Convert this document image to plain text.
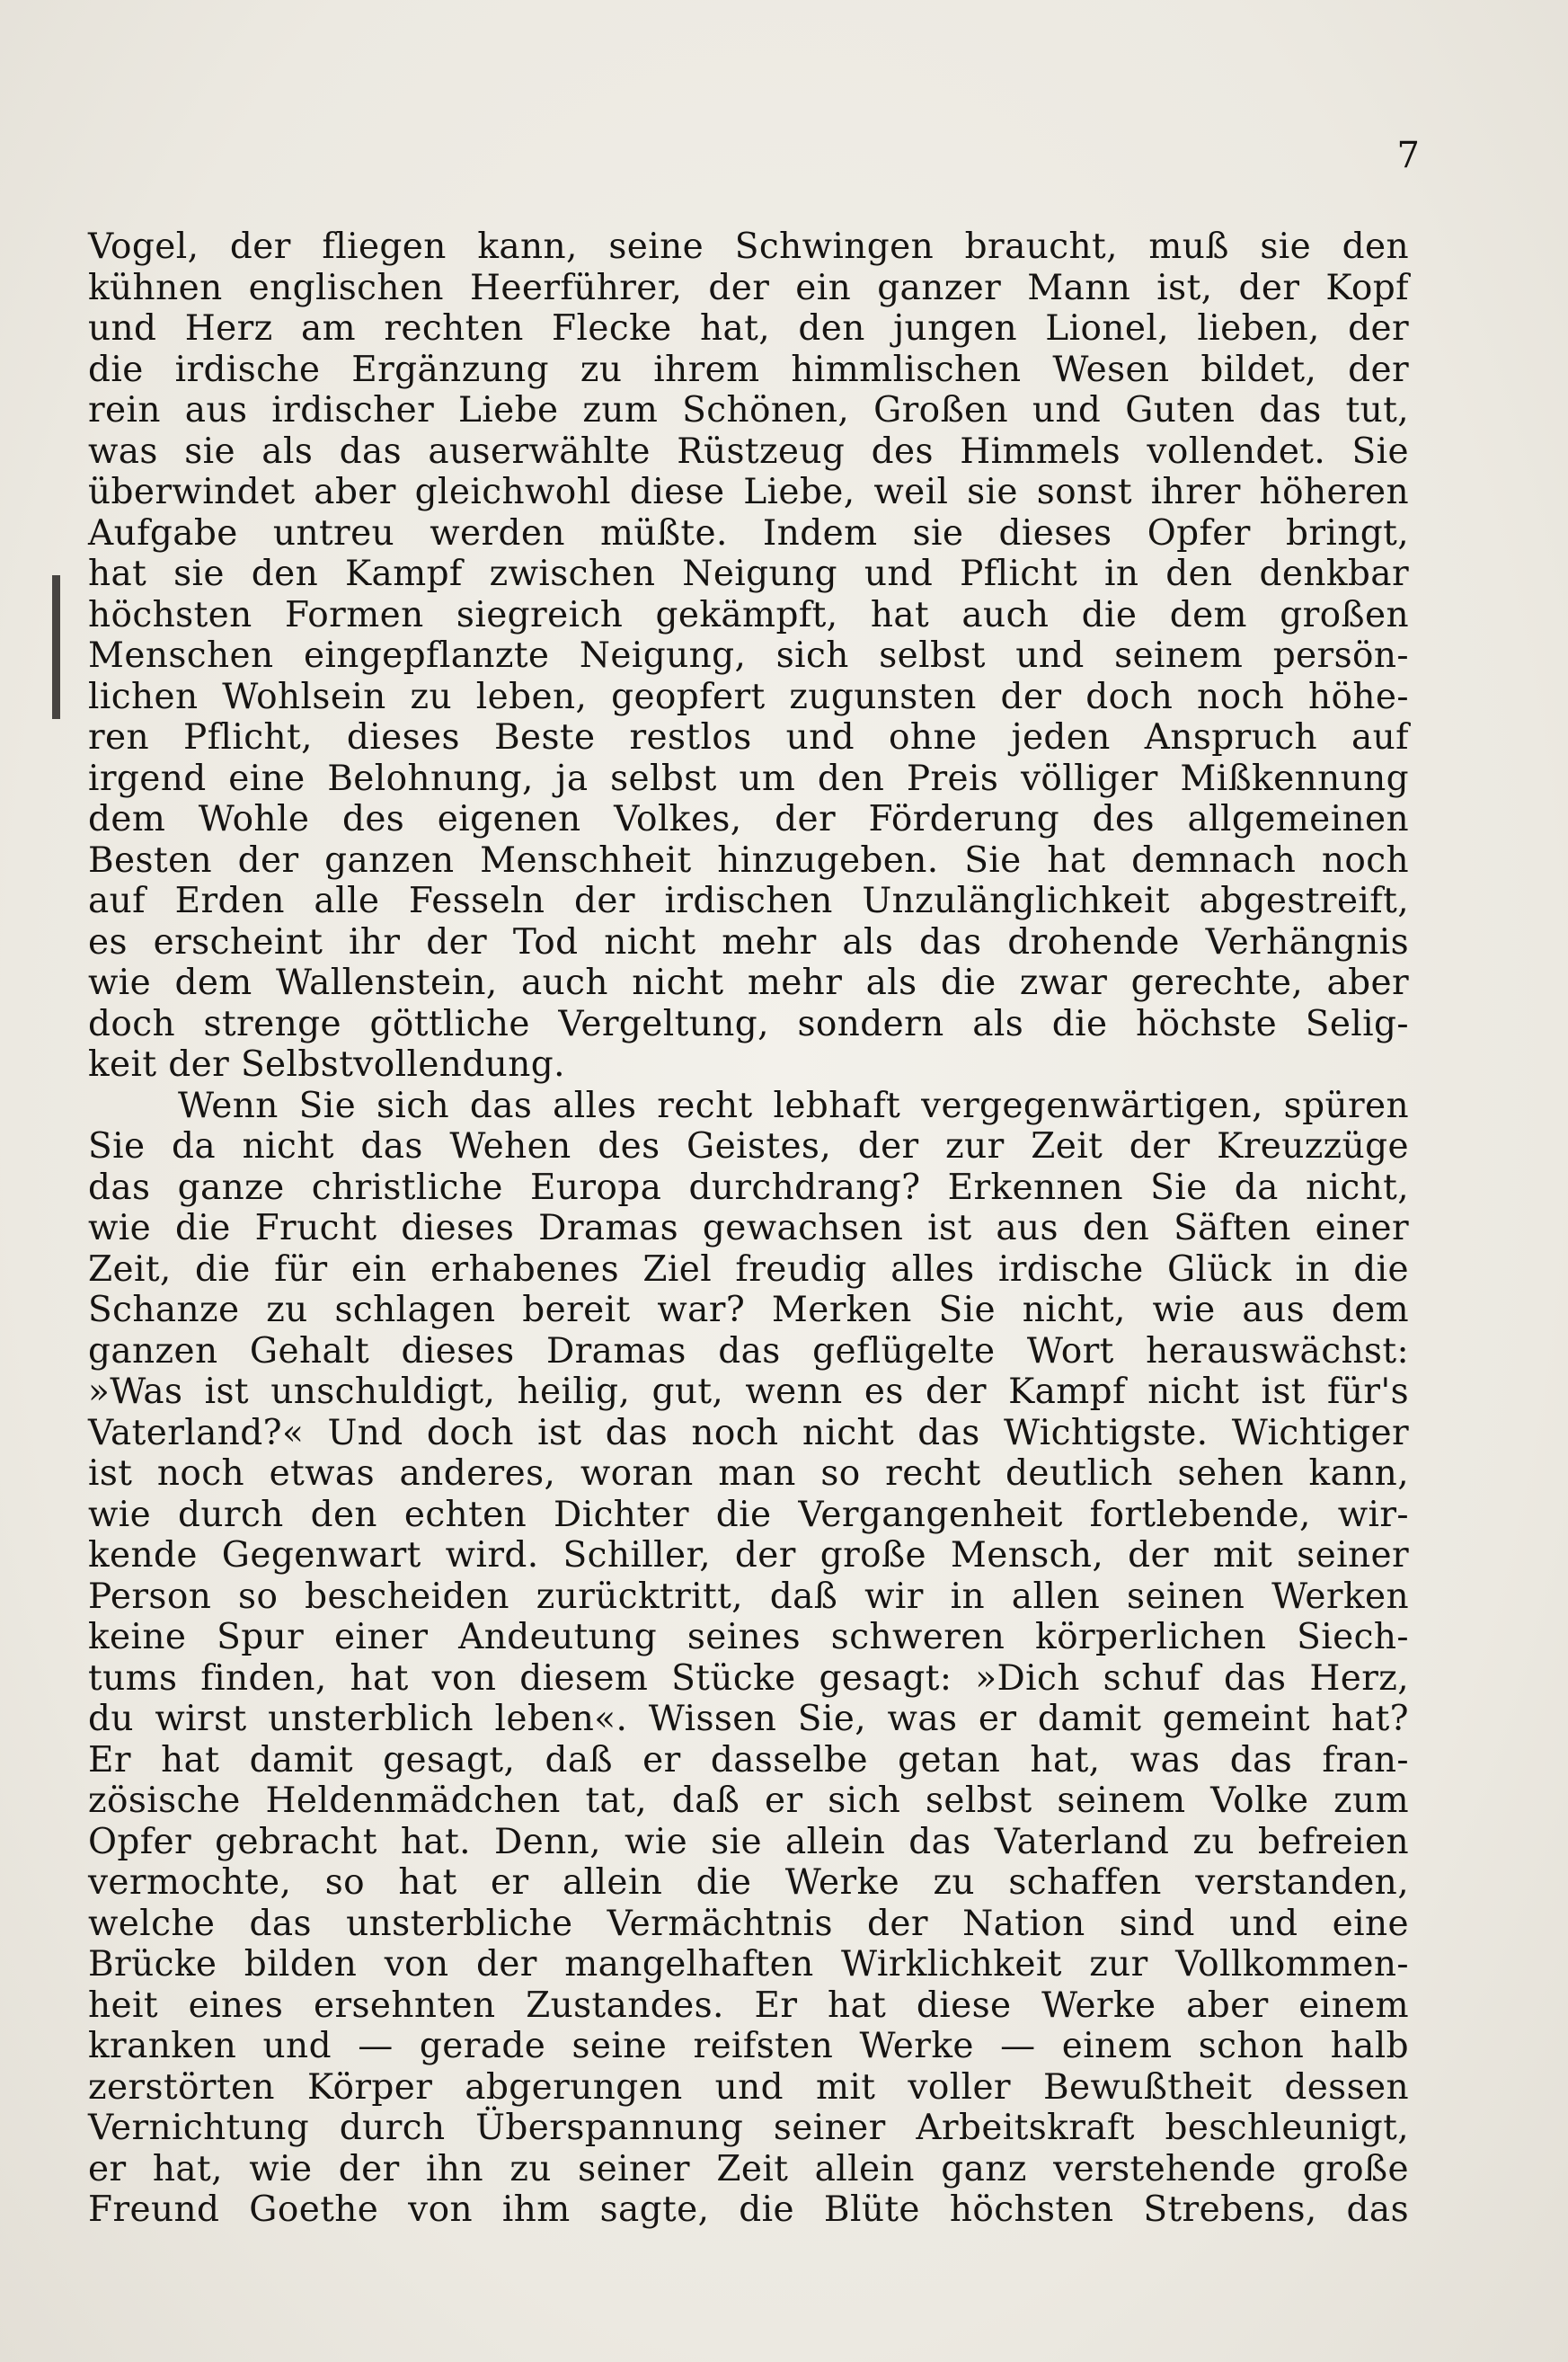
7
Vogel, der fliegen kann, seine Schwingen braucht, muß sie den
kühnen englischen Heerführer, der ein ganzer Mann ist, der Kopf
und Herz am rechten Flecke hat, den jungen Lionel, lieben, der
die irdische Ergänzung zu ihrem himmlischen Wesen bildet, der
rein aus irdischer Liebe zum Schönen, Großen und Guten das tut,
was sie als das auserwählte Rüstzeug des Himmels vollendet. Sie
überwindet aber gleichwohl diese Liebe, weil sie sonst ihrer höheren
Aufgabe untreu werden müßte. Indem sie dieses Opfer bringt,
hat sie den Kampf zwischen Neigung und Pflicht in den denkbar
höchsten Formen siegreich gekämpft, hat auch die dem großen
Menschen eingepflanzte Neigung, sich selbst und seinem persön-
lichen Wohlsein zu leben, geopfert zugunsten der doch noch höhe-
ren Pflicht, dieses Beste restlos und ohne jeden Anspruch auf
irgend eine Belohnung, ja selbst um den Preis völliger Mißkennung
dem Wohle des eigenen Volkes, der Förderung des allgemeinen
Besten der ganzen Menschheit hinzugeben. Sie hat demnach noch
auf Erden alle Fesseln der irdischen Unzulänglichkeit abgestreift,
es erscheint ihr der Tod nicht mehr als das drohende Verhängnis
wie dem Wallenstein, auch nicht mehr als die zwar gerechte, aber
doch strenge göttliche Vergeltung, sondern als die höchste Selig-
keit der Selbstvollendung.
Wenn Sie sich das alles recht lebhaft vergegenwärtigen, spüren
Sie da nicht das Wehen des Geistes, der zur Zeit der Kreuzzüge
das ganze christliche Europa durchdrang? Erkennen Sie da nicht,
wie die Frucht dieses Dramas gewachsen ist aus den Säften einer
Zeit, die für ein erhabenes Ziel freudig alles irdische Glück in die
Schanze zu schlagen bereit war? Merken Sie nicht, wie aus dem
ganzen Gehalt dieses Dramas das geflügelte Wort herauswächst:
»Was ist unschuldigt, heilig, gut, wenn es der Kampf nicht ist für's
Vaterland?« Und doch ist das noch nicht das Wichtigste. Wichtiger
ist noch etwas anderes, woran man so recht deutlich sehen kann,
wie durch den echten Dichter die Vergangenheit fortlebende, wir-
kende Gegenwart wird. Schiller, der große Mensch, der mit seiner
Person so bescheiden zurücktritt, daß wir in allen seinen Werken
keine Spur einer Andeutung seines schweren körperlichen Siech-
tums finden, hat von diesem Stücke gesagt: »Dich schuf das Herz,
du wirst unsterblich leben«. Wissen Sie, was er damit gemeint hat?
Er hat damit gesagt, daß er dasselbe getan hat, was das fran-
zösische Heldenmädchen tat, daß er sich selbst seinem Volke zum
Opfer gebracht hat. Denn, wie sie allein das Vaterland zu befreien
vermochte, so hat er allein die Werke zu schaffen verstanden,
welche das unsterbliche Vermächtnis der Nation sind und eine
Brücke bilden von der mangelhaften Wirklichkeit zur Vollkommen-
heit eines ersehnten Zustandes. Er hat diese Werke aber einem
kranken und — gerade seine reifsten Werke — einem schon halb
zerstörten Körper abgerungen und mit voller Bewußtheit dessen
Vernichtung durch Überspannung seiner Arbeitskraft beschleunigt,
er hat, wie der ihn zu seiner Zeit allein ganz verstehende große
Freund Goethe von ihm sagte, die Blüte höchsten Strebens, das
